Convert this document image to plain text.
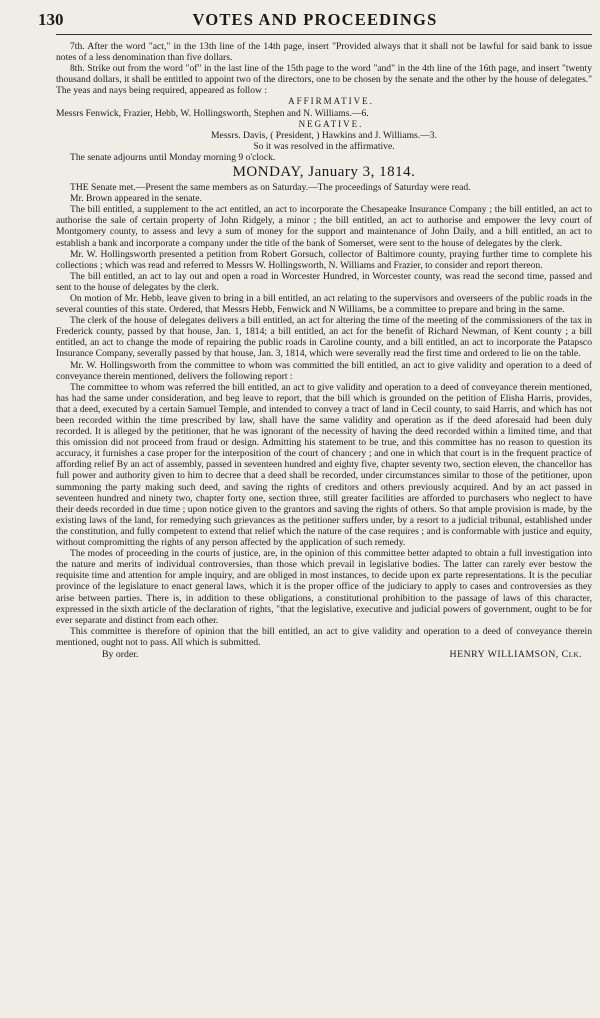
130	VOTES AND PROCEEDINGS

7th. After the word "act," in the 13th line of the 14th page, insert "Provided always that it shall not be lawful for said bank to issue notes of a less denomination than five dollars.

8th. Strike out from the word "of" in the last line of the 15th page to the word "and" in the 4th line of the 16th page, and insert "twenty thousand dollars, it shall be entitled to appoint two of the directors, one to be chosen by the senate and the other by the house of delegates." The yeas and nays being required, appeared as follow :

AFFIRMATIVE.

Messrs Fenwick, Frazier, Hebb, W. Hollingsworth, Stephen and N. Williams.—6.

NEGATIVE.

Messrs. Davis, ( President, ) Hawkins and J. Williams.—3.

So it was resolved in the affirmative.

The senate adjourns until Monday morning 9 o'clock.

MONDAY, January 3, 1814.

THE Senate met.—Present the same members as on Saturday.—The proceedings of Saturday were read.

Mr. Brown appeared in the senate.

The bill entitled, a supplement to the act entitled, an act to incorporate the Chesapeake Insurance Company ; the bill entitled, an act to authorise the sale of certain property of John Ridgely, a minor ; the bill entitled, an act to authorise and empower the levy court of Montgomery county, to assess and levy a sum of money for the support and maintenance of John Daily, and a bill entitled, an act to establish a bank and incorporate a company under the title of the bank of Somerset, were sent to the house of delegates by the clerk.

Mr. W. Hollingsworth presented a petition from Robert Gorsuch, collector of Baltimore county, praying further time to complete his collections ; which was read and referred to Messrs W. Hollingsworth, N. Williams and Frazier, to consider and report thereon.

The bill entitled, an act to lay out and open a road in Worcester Hundred, in Worcester county, was read the second time, passed and sent to the house of delegates by the clerk.

On motion of Mr. Hebb, leave given to bring in a bill entitled, an act relating to the supervisors and overseers of the public roads in the several counties of this state. Ordered, that Messrs Hebb, Fenwick and N Williams, be a committee to prepare and bring in the same.

The clerk of the house of delegates delivers a bill entitled, an act for altering the time of the meeting of the commissioners of the tax in Frederick county, passed by that house, Jan. 1, 1814; a bill entitled, an act for the benefit of Richard Newman, of Kent county ; a bill entitled, an act to change the mode of repairing the public roads in Caroline county, and a bill entitled, an act to incorporate the Patapsco Insurance Company, severally passed by that house, Jan. 3, 1814, which were severally read the first time and ordered to lie on the table.

Mr. W. Hollingsworth from the committee to whom was committed the bill entitled, an act to give validity and operation to a deed of conveyance therein mentioned, delivers the following report :

The committee to whom was referred the bill entitled, an act to give validity and operation to a deed of conveyance therein mentioned, has had the same under consideration, and beg leave to report, that the bill which is grounded on the petition of Elisha Harris, provides, that a deed, executed by a certain Samuel Temple, and intended to convey a tract of land in Cecil county, to said Harris, and which has not been recorded within the time prescribed by law, shall have the same validity and operation as if the deed aforesaid had been duly recorded. It is alleged by the petitioner, that he was ignorant of the necessity of having the deed recorded within a limited time, and that this omission did not proceed from fraud or design. Admitting his statement to be true, and this committee has no reason to question its accuracy, it furnishes a case proper for the interposition of the court of chancery ; and one in which that court is in the frequent practice of affording relief By an act of assembly, passed in seventeen hundred and eighty five, chapter seventy two, section eleven, the chancellor has full power and authority given to him to decree that a deed shall be recorded, under circumstances similar to those of the petitioner, upon summoning the party making such deed, and saving the rights of creditors and others previously acquired. And by an act passed in seventeen hundred and ninety two, chapter forty one, section three, still greater facilities are afforded to purchasers who neglect to have their deeds recorded in due time ; upon notice given to the grantors and saving the rights of others. So that ample provision is made, by the existing laws of the land, for remedying such grievances as the petitioner suffers under, by a resort to a judicial tribunal, established under the constitution, and fully competent to extend that relief which the nature of the case requires ; and is conformable with justice and equity, without compromitting the rights of any person affected by the application of such remedy.

The modes of proceeding in the courts of justice, are, in the opinion of this committee better adapted to obtain a full investigation into the nature and merits of individual controversies, than those which prevail in legislative bodies. The latter can rarely ever bestow the requisite time and attention for ample inquiry, and are obliged in most instances, to decide upon ex parte representations. It is the peculiar province of the legislature to enact general laws, which it is the proper office of the judiciary to apply to cases and controversies as they arise between parties. There is, in addition to these obligations, a constitutional prohibition to the passage of laws of this character, expressed in the sixth article of the declaration of rights, "that the legislative, executive and judicial powers of government, ought to be for ever separate and distinct from each other.

This committee is therefore of opinion that the bill entitled, an act to give validity and operation to a deed of conveyance therein mentioned, ought not to pass. All which is submitted.

By order.	HENRY WILLIAMSON, Clk.
